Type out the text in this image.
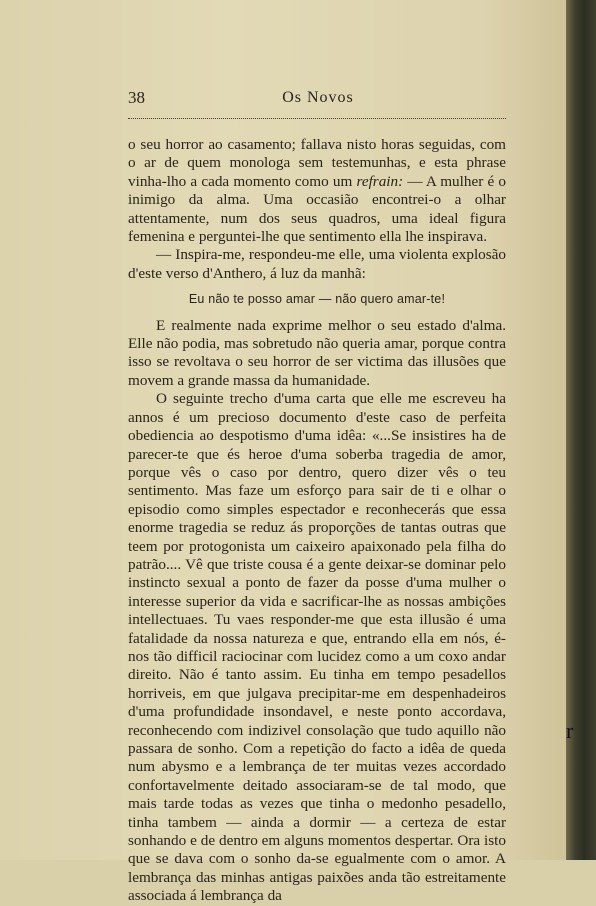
38	Os Novos

o seu horror ao casamento; fallava nisto horas seguidas, com o ar de quem monologa sem testemunhas, e esta phrase vinha-lho a cada momento como um refrain: — A mulher é o inimigo da alma. Uma occasião encontrei-o a olhar attentamente, num dos seus quadros, uma ideal figura femenina e perguntei-lhe que sentimento ella lhe inspirava.

— Inspira-me, respondeu-me elle, uma violenta explosão d'este verso d'Anthero, á luz da manhã:

Eu não te posso amar — não quero amar-te!

E realmente nada exprime melhor o seu estado d'alma. Elle não podia, mas sobretudo não queria amar, porque contra isso se revoltava o seu horror de ser victima das illusões que movem a grande massa da humanidade.

O seguinte trecho d'uma carta que elle me escreveu ha annos é um precioso documento d'este caso de perfeita obediencia ao despotismo d'uma idêa: «...Se insistires ha de parecer-te que és heroe d'uma soberba tragedia de amor, porque vês o caso por dentro, quero dizer vês o teu sentimento. Mas faze um esforço para sair de ti e olhar o episodio como simples espectador e reconhecerás que essa enorme tragedia se reduz ás proporções de tantas outras que teem por protogonista um caixeiro apaixonado pela filha do patrão.... Vê que triste cousa é a gente deixar-se dominar pelo instincto sexual a ponto de fazer da posse d'uma mulher o interesse superior da vida e sacrificar-lhe as nossas ambições intellectuaes. Tu vaes responder-me que esta illusão é uma fatalidade da nossa natureza e que, entrando ella em nós, é-nos tão difficil raciocinar com lucidez como a um coxo andar direito. Não é tanto assim. Eu tinha em tempo pesadellos horriveis, em que julgava precipitar-me em despenhadeiros d'uma profundidade insondavel, e neste ponto accordava, reconhecendo com indizivel consolação que tudo aquillo não passara de sonho. Com a repetição do facto a idêa de queda num abysmo e a lembrança de ter muitas vezes accordado confortavelmente deitado associaram-se de tal modo, que mais tarde todas as vezes que tinha o medonho pesadello, tinha tambem — ainda a dormir — a certeza de estar sonhando e de dentro em alguns momentos despertar. Ora isto que se dava com o sonho da-se egualmente com o amor. A lembrança das minhas antigas paixões anda tão estreitamente associada á lembrança da

r
